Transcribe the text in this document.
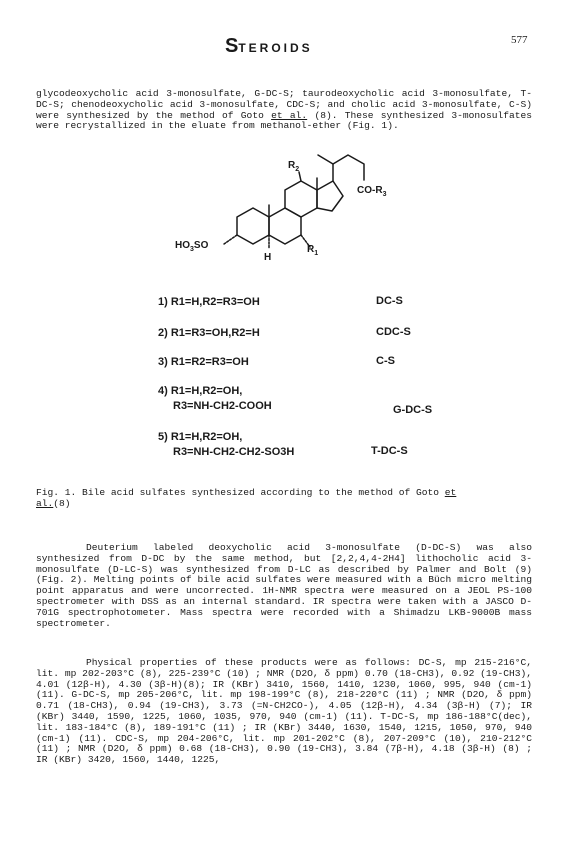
STEROIDS
577

glycodeoxycholic acid 3-monosulfate, G-DC-S; taurodeoxycholic acid 3-monosulfate, T-DC-S; chenodeoxycholic acid 3-monosulfate, CDC-S; and cholic acid 3-monosulfate, C-S) were synthesized by the method of Goto et al. (8). These synthesized 3-monosulfates were recrystallized in the eluate from methanol-ether (Fig. 1).

$R_2$
$CO-R_3$
$HO_3SO$
H
$R_1$
1) R1=H,R2=R3=OH	DC-S
2) R1=R3=OH,R2=H	CDC-S
3) R1=R2=R3=OH	C-S
4) R1=H,R2=OH,
R3=NH-CH2-COOH	G-DC-S
5) R1=H,R2=OH,
R3=NH-CH2-CH2-SO3H	T-DC-S
Fig. 1. Bile acid sulfates synthesized according to the method of Goto et
al.(8)

Deuterium labeled deoxycholic acid 3-monosulfate (D-DC-S) was also synthesized from D-DC by the same method, but [2,2,4,4-2H4] lithocholic acid 3-monosulfate (D-LC-S) was synthesized from D-LC as described by Palmer and Bolt (9) (Fig. 2). Melting points of bile acid sulfates were measured with a Büch micro melting point apparatus and were uncorrected. 1H-NMR spectra were measured on a JEOL PS-100 spectrometer with DSS as an internal standard. IR spectra were taken with a JASCO D-701G spectrophotometer. Mass spectra were recorded with a Shimadzu LKB-9000B mass spectrometer.

Physical properties of these products were as follows: DC-S, mp 215-216°C, lit. mp 202-203°C (8), 225-239°C (10) ; NMR (D2O, δ ppm) 0.70 (18-CH3), 0.92 (19-CH3), 4.01 (12β-H), 4.30 (3β-H)(8); IR (KBr) 3410, 1560, 1410, 1230, 1060, 995, 940 (cm-1) (11). G-DC-S, mp 205-206°C, lit. mp 198-199°C (8), 218-220°C (11) ; NMR (D2O, δ ppm) 0.71 (18-CH3), 0.94 (19-CH3), 3.73 (=N-CH2CO-), 4.05 (12β-H), 4.34 (3β-H) (7); IR (KBr) 3440, 1590, 1225, 1060, 1035, 970, 940 (cm-1) (11). T-DC-S, mp 186-188°C(dec), lit. 183-184°C (8), 189-191°C (11) ; IR (KBr) 3440, 1630, 1540, 1215, 1050, 970, 940 (cm-1) (11). CDC-S, mp 204-206°C, lit. mp 201-202°C (8), 207-209°C (10), 210-212°C (11) ; NMR (D2O, δ ppm) 0.68 (18-CH3), 0.90 (19-CH3), 3.84 (7β-H), 4.18 (3β-H) (8) ; IR (KBr) 3420, 1560, 1440, 1225,
